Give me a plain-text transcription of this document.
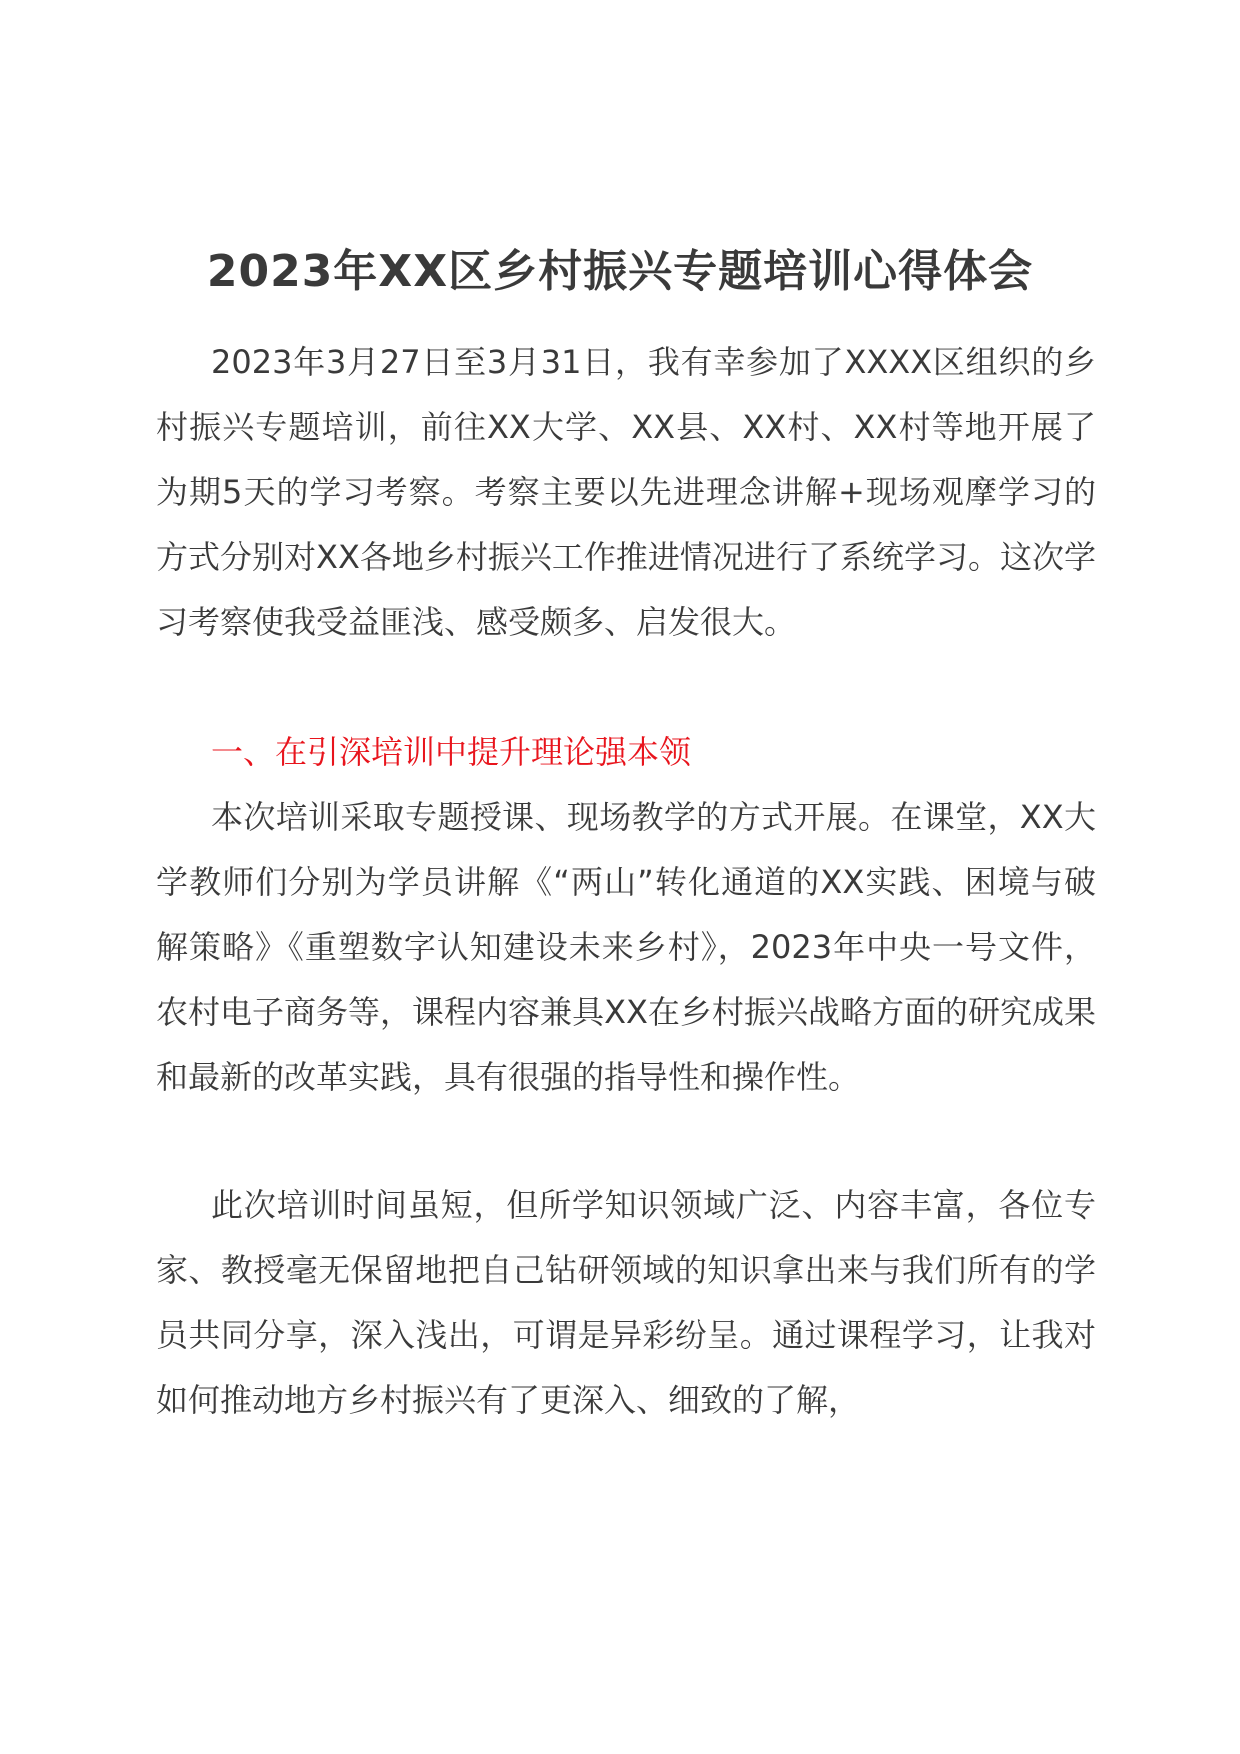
2023年XX区乡村振兴专题培训心得体会

2023年3月27日至3月31日，我有幸参加了XXXX区组织的乡村振兴专题培训，前往XX大学、XX县、XX村、XX村等地开展了为期5天的学习考察。考察主要以先进理念讲解+现场观摩学习的方式分别对XX各地乡村振兴工作推进情况进行了系统学习。这次学习考察使我受益匪浅、感受颇多、启发很大。

一、在引深培训中提升理论强本领

本次培训采取专题授课、现场教学的方式开展。在课堂，XX大学教师们分别为学员讲解《“两山”转化通道的XX实践、困境与破解策略》《重塑数字认知建设未来乡村》，2023年中央一号文件，农村电子商务等，课程内容兼具XX在乡村振兴战略方面的研究成果和最新的改革实践，具有很强的指导性和操作性。

此次培训时间虽短，但所学知识领域广泛、内容丰富，各位专家、教授毫无保留地把自己钻研领域的知识拿出来与我们所有的学员共同分享，深入浅出，可谓是异彩纷呈。通过课程学习，让我对如何推动地方乡村振兴有了更深入、细致的了解，
